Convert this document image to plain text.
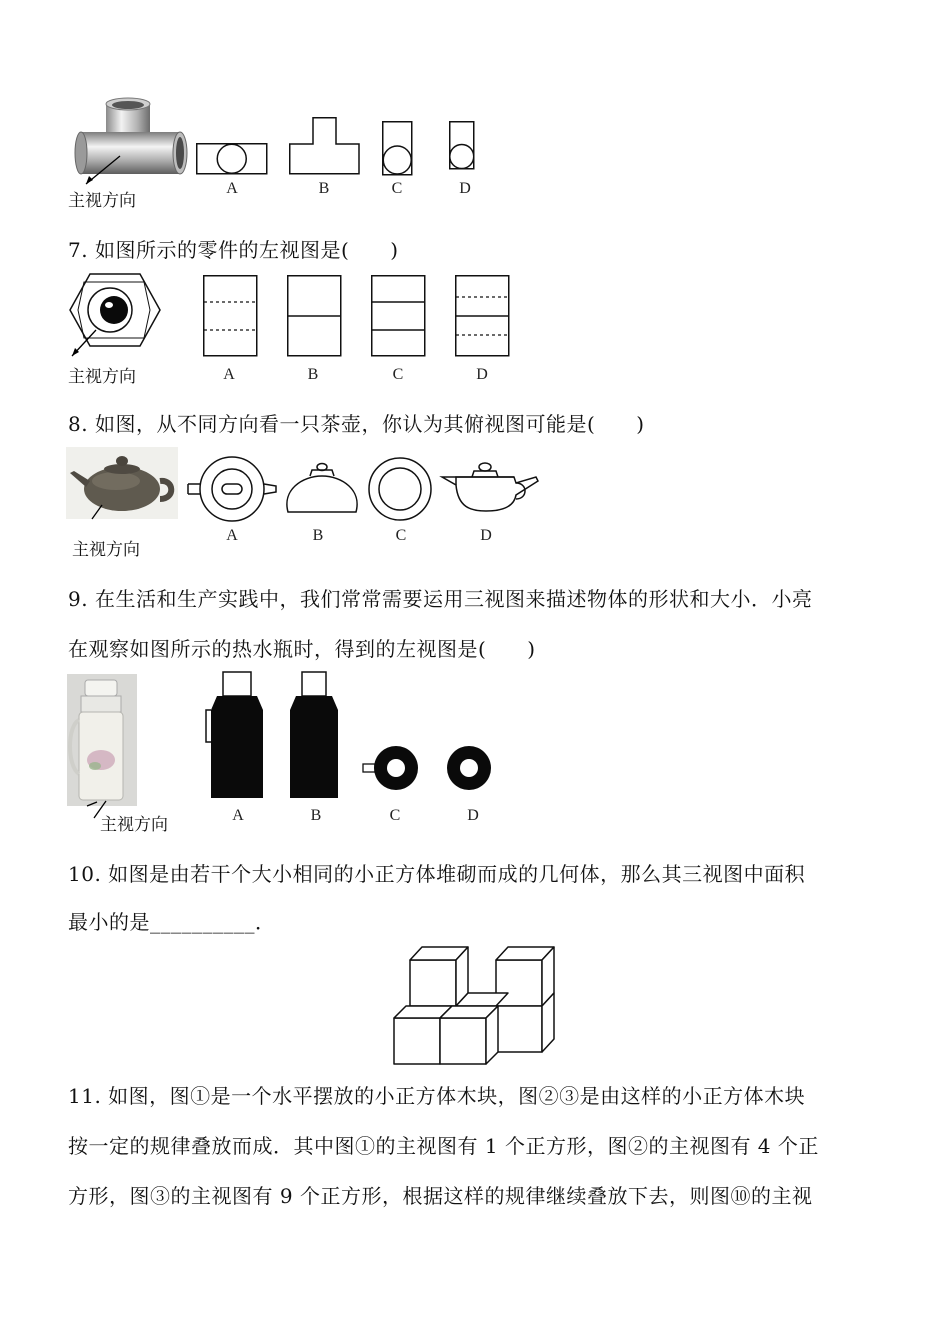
主视方向
A	B	C	D
7. 如图所示的零件的左视图是(　　)
主视方向	A	B	C	D
8. 如图，从不同方向看一只茶壶，你认为其俯视图可能是(　　)
主视方向
A	B	C	D
9. 在生活和生产实践中，我们常常需要运用三视图来描述物体的形状和大小．小亮
在观察如图所示的热水瓶时，得到的左视图是(　　)
主视方向	A	B	C	D
10. 如图是由若干个大小相同的小正方体堆砌而成的几何体，那么其三视图中面积
最小的是__________．
11. 如图，图①是一个水平摆放的小正方体木块，图②③是由这样的小正方体木块
按一定的规律叠放而成．其中图①的主视图有 1 个正方形，图②的主视图有 4 个正
方形，图③的主视图有 9 个正方形，根据这样的规律继续叠放下去，则图⑩的主视
